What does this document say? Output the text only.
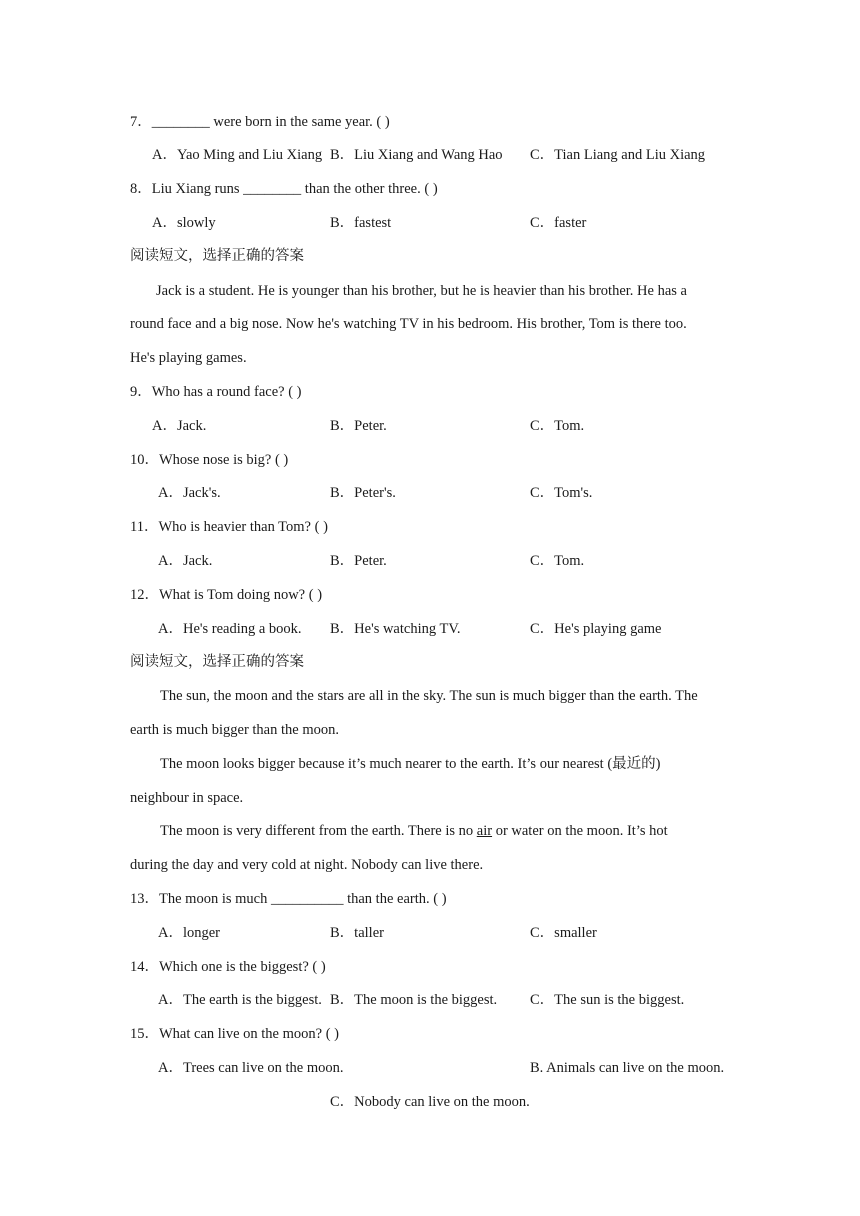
7．________ were born in the same year. ( )
A．Yao Ming and Liu Xiang B．Liu Xiang and Wang Hao C．Tian Liang and Liu Xiang
8．Liu Xiang runs ________ than the other three. ( )
A．slowly	B．fastest	C．faster
阅读短文，选择正确的答案
Jack is a student. He is younger than his brother, but he is heavier than his brother. He has a
round face and a big nose. Now he's watching TV in his bedroom. His brother, Tom is there too.
He's playing games.
9．Who has a round face? ( )
A．Jack.	B．Peter.	C．Tom.
10．Whose nose is big? ( )
A．Jack's.	B．Peter's.	C．Tom's.
11．Who is heavier than Tom? ( )
A．Jack.	B．Peter.	C．Tom.
12．What is Tom doing now? ( )
A．He's reading a book. B．He's watching TV.	C．He's playing game
阅读短文，选择正确的答案
The sun, the moon and the stars are all in the sky. The sun is much bigger than the earth. The
earth is much bigger than the moon.
The moon looks bigger because it’s much nearer to the earth. It’s our nearest (最近的)
neighbour in space.
The moon is very different from the earth. There is no air or water on the moon. It’s hot
during the day and very cold at night. Nobody can live there.
13．The moon is much __________ than the earth. ( )
A．longer	B．taller	C．smaller
14．Which one is the biggest? ( )
A．The earth is the biggest. B．The moon is the biggest. C．The sun is the biggest.
15．What can live on the moon? ( )
A．Trees can live on the moon.	B. Animals can live on the moon.
C．Nobody can live on the moon.
